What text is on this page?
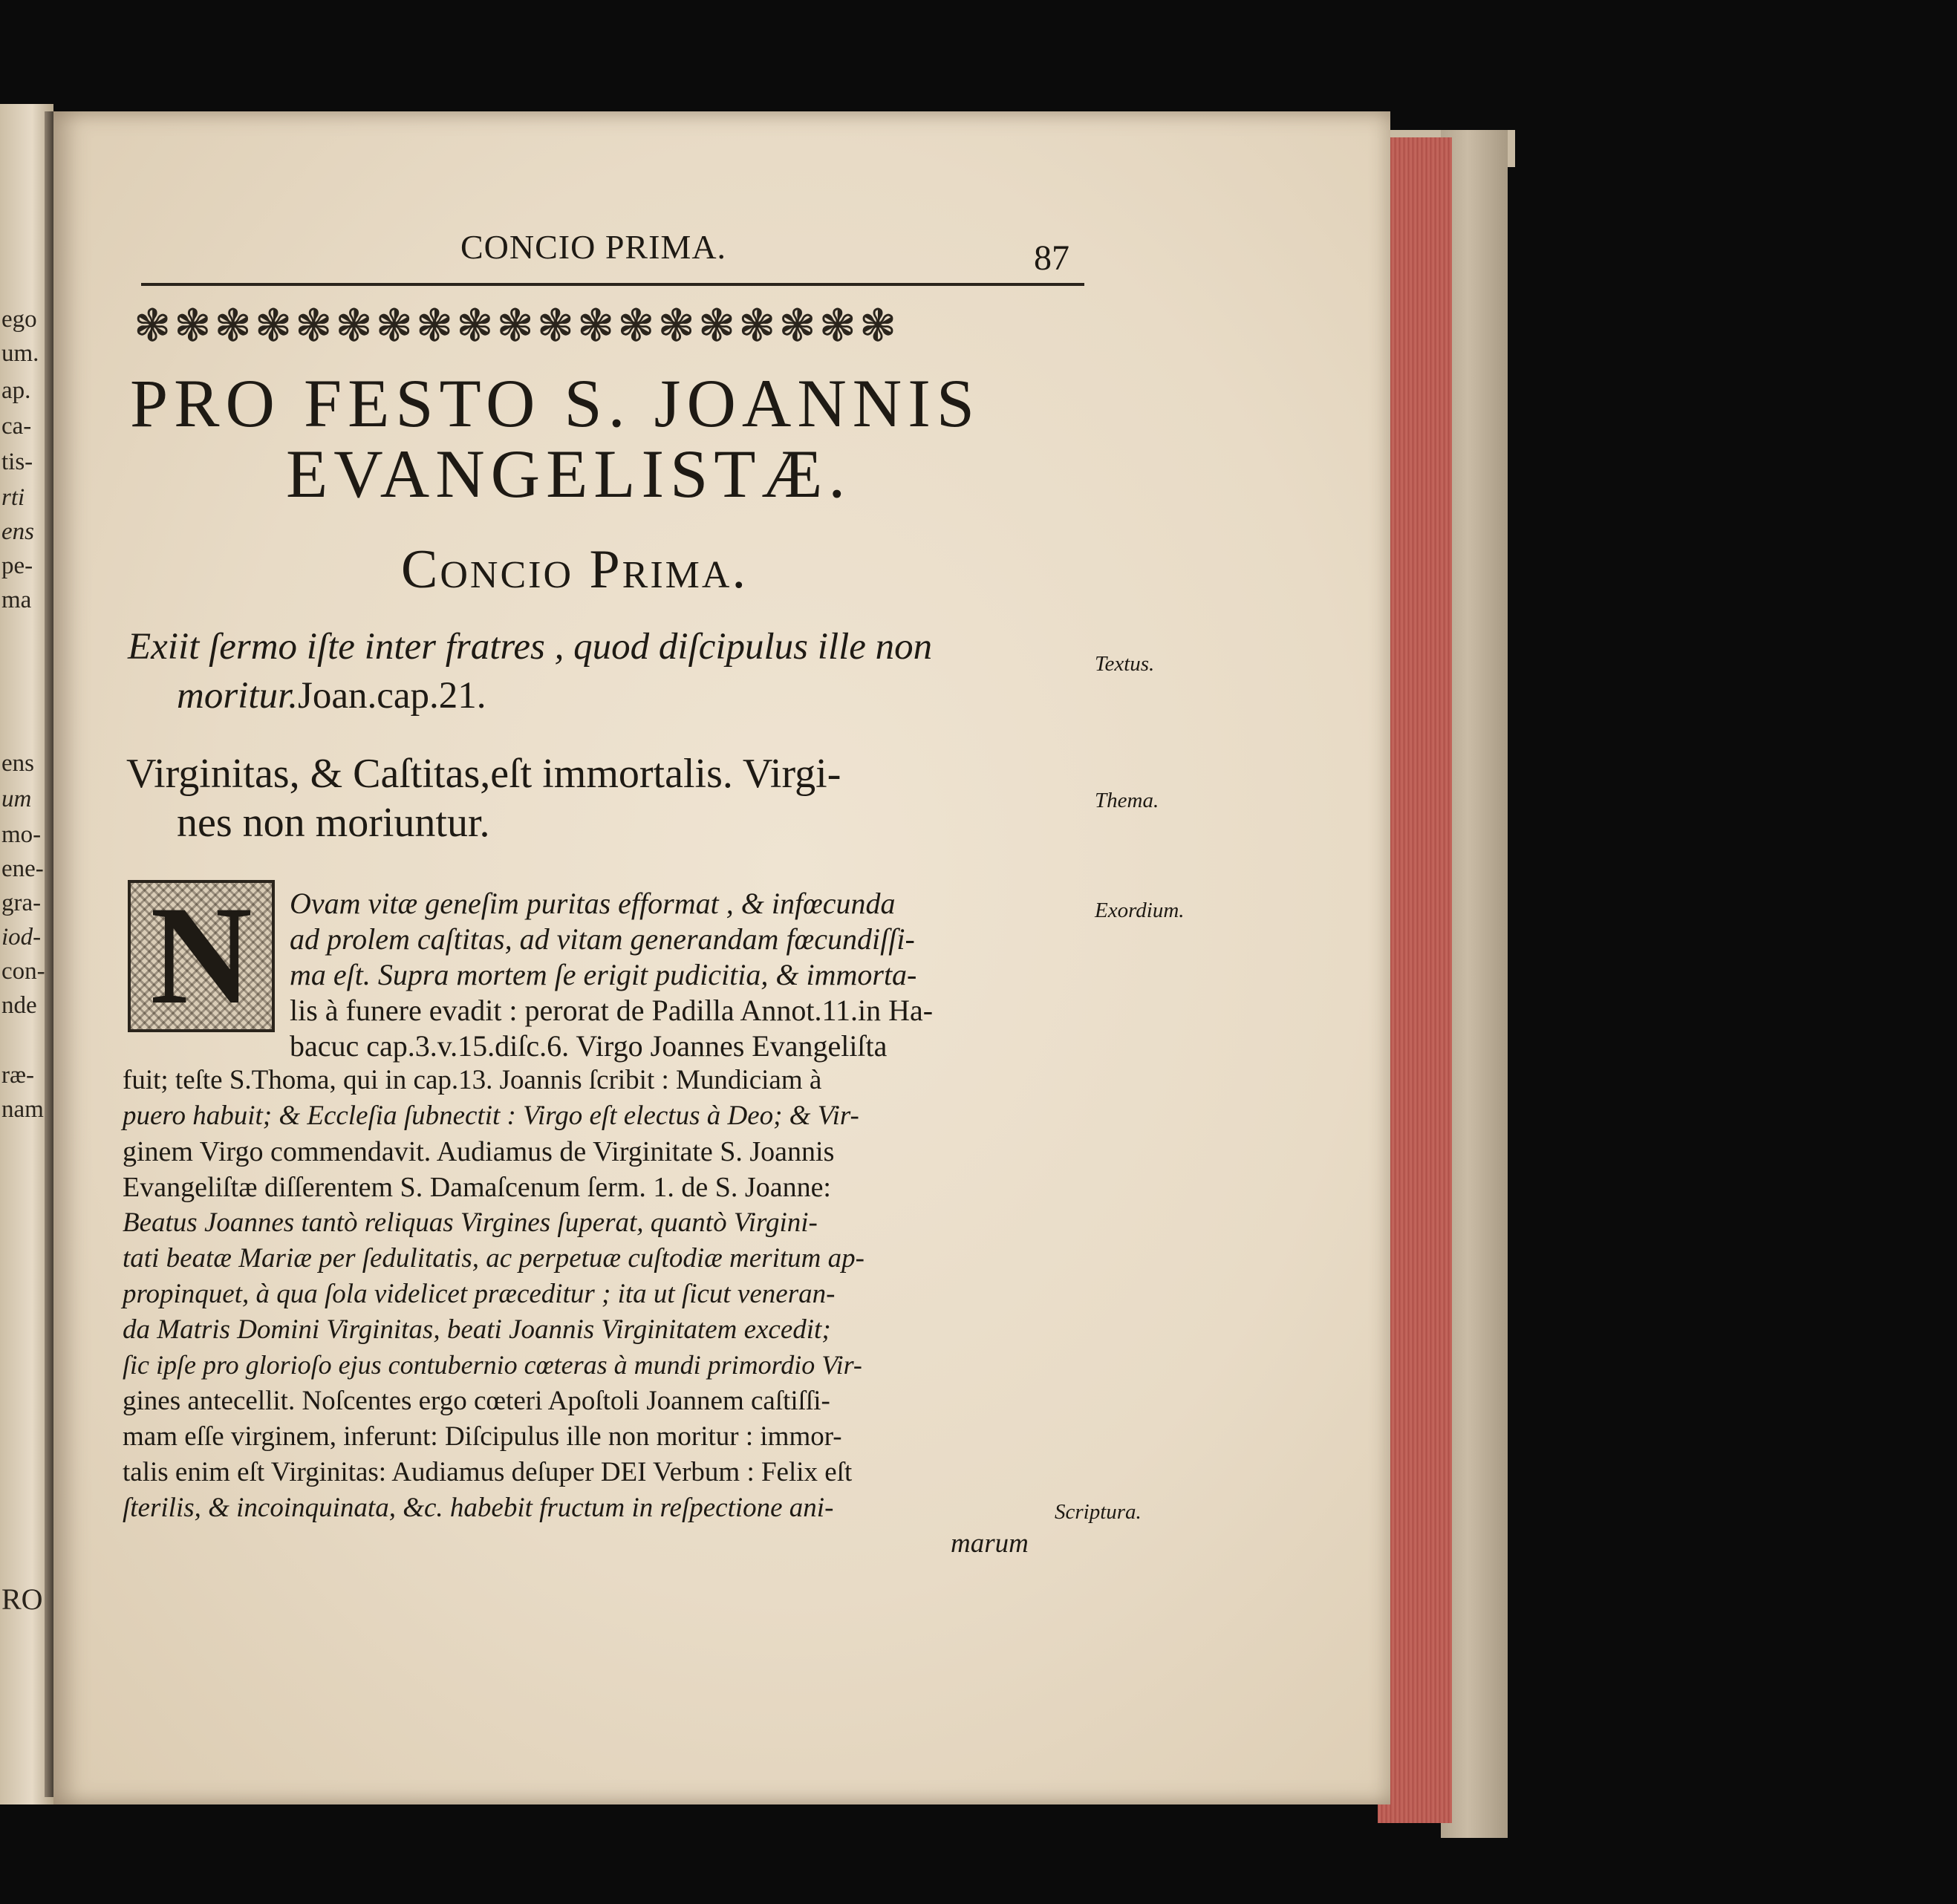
ego
um.
ap.
ca-
tis-
rti
ens
pe-
ma
ens
um
mo-
ene-
gra-
iod-
con-
nde
ræ-
nam
RO
CONCIO PRIMA.	87
❃❃❃❃❃❃❃❃❃❃❃❃❃❃❃❃❃❃❃
PRO FESTO S. JOANNIS
EVANGELISTÆ.
Concio Prima.
Exiit ſermo iſte inter fratres , quod diſcipulus ille non
moritur.Joan.cap.21.
Textus.
Virginitas, & Caſtitas,eſt immortalis. Virgi-
nes non moriuntur.	Thema.
Exordium.
N	Ovam vitæ geneſim puritas efformat , & infœcunda
ad prolem caſtitas, ad vitam generandam fœcundiſſi-
ma eſt. Supra mortem ſe erigit pudicitia, & immorta-
lis à funere evadit : perorat de Padilla Annot.11.in Ha-
bacuc cap.3.v.15.diſc.6. Virgo Joannes Evangeliſta
fuit; teſte S.Thoma, qui in cap.13. Joannis ſcribit : Mundiciam à
puero habuit; & Eccleſia ſubnectit : Virgo eſt electus à Deo; & Vir-
ginem Virgo commendavit. Audiamus de Virginitate S. Joannis
Evangeliſtæ diſſerentem S. Damaſcenum ſerm. 1. de S. Joanne:
Beatus Joannes tantò reliquas Virgines ſuperat, quantò Virgini-
tati beatæ Mariæ per ſedulitatis, ac perpetuæ cuſtodiæ meritum ap-
propinquet, à qua ſola videlicet præceditur ; ita ut ſicut veneran-
da Matris Domini Virginitas, beati Joannis Virginitatem excedit;
ſic ipſe pro glorioſo ejus contubernio cœteras à mundi primordio Vir-
gines antecellit. Noſcentes ergo cœteri Apoſtoli Joannem caſtiſſi-
mam eſſe virginem, inferunt: Diſcipulus ille non moritur : immor-
talis enim eſt Virginitas: Audiamus deſuper DEI Verbum : Felix eſt
ſterilis, & incoinquinata, &c. habebit fructum in reſpectione ani-
marum
Scriptura.
